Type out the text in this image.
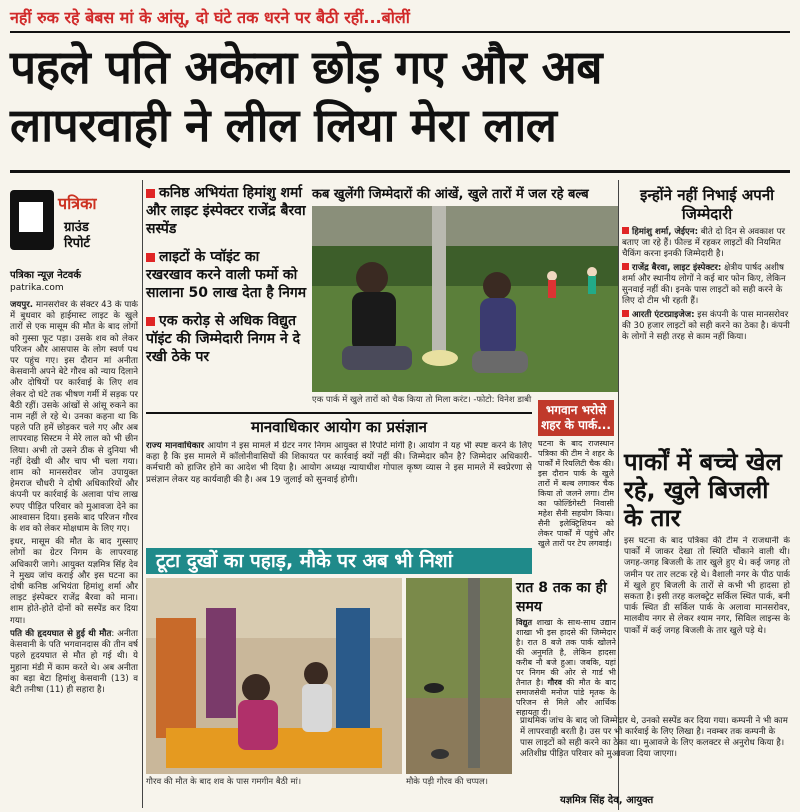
नहीं रुक रहे बेबस मां के आंसू, दो घंटे तक धरने पर बैठी रहीं...बोलीं
पहले पति अकेला छोड़ गए और अब
लापरवाही ने लील लिया मेरा लाल
पत्रिका
ग्राउंड
रिपोर्ट
पत्रिका न्यूज़ नेटवर्क
patrika.com

जयपुर. मानसरोवर के सेक्टर 43 के पार्क में बुधवार को हाईमास्ट लाइट के खुले तारों से एक मासूम की मौत के बाद लोगों को गुस्सा फूट पड़ा। उसके शव को लेकर परिजन और आसपास के लोग स्वर्ण पथ पर पहुंच गए। इस दौरान मां अनीता केसवानी अपने बेटे गौरव को न्याय दिलाने और दोषियों पर कार्रवाई के लिए शव लेकर दो घंटे तक भीषण गर्मी में सड़क पर बैठी रहीं। उसके आंखों से आंसू रुकने का नाम नहीं ले रहे थे। उनका कहना था कि पहले पति हमें छोड़कर चले गए और अब लापरवाह सिस्टम ने मेरे लाल को भी छीन लिया। अभी तो उसने ठीक से दुनिया भी नहीं देखी थी और चाप भी चला गया। शाम को मानसरोवर जोन उपायुक्त हेमराज चौधरी ने दोषी अधिकारियों और कंपनी पर कार्रवाई के अलावा पांच लाख रुपए पीड़ित परिवार को मुआवजा देने का आश्वासन दिया। इसके बाद परिजन गौरव के शव को लेकर मोक्षधाम के लिए गए।

इधर, मासूम की मौत के बाद गुस्साए लोगों का ग्रेटर निगम के लापरवाह अधिकारी जागे। आयुक्त यज्ञमित्र सिंह देव ने मुख्य जांच कराई और इस घटना का दोषी कनिष्ठ अभियंता हिमांशु शर्मा और लाइट इंस्पेक्टर राजेंद्र बैरवा को माना। शाम होते-होते दोनों को सस्पेंड कर दिया गया।

पति की हृदयघात से हुई थी मौत: अनीता केसवानी के पति भगवानदास की तीन वर्ष पहले हृदयघात से मौत हो गई थी। ये मुहाना मंडी में काम करते थे। अब अनीता का बड़ा बेटा हिमांशु केसवानी (13) व बेटी तनीषा (11) ही सहारा है।

कनिष्ठ अभियंता हिमांशु शर्मा और लाइट इंस्पेक्टर राजेंद्र बैरवा सस्पेंड
लाइटों के प्वॉइंट का रखरखाव करने वाली फर्मो को सालाना 50 लाख देता है निगम
एक करोड़ से अधिक विद्युत पॉइंट की जिम्मेदारी निगम ने दे रखी ठेके पर
कब खुलेंगी जिम्मेदारों की आंखें, खुले तारों में जल रहे बल्ब
एक पार्क में खुले तारों को चैक किया तो मिला करंट। -फोटो: विनेश डाबी
इन्होंने नहीं निभाई अपनी जिम्मेदारी
हिमांशु शर्मा, जेईएन: बीते दो दिन से अवकाश पर बताए जा रहे हैं। फील्ड में रहकर लाइटों की नियमित चैकिंग करना इनकी जिम्मेदारी है।
राजेंद्र बैरवा, लाइट इंस्पेक्टर: क्षेत्रीय पार्षद अशीष शर्मा और स्थानीय लोगों ने कई बार फोन किए, लेकिन सुनवाई नहीं की। इनके पास लाइटों को सही करने के लिए दो टीम भी रहती हैं।
आरती एंटरप्राइजेज: इस कंपनी के पास मानसरोवर की 30 हजार लाइटों को सही करने का ठेका है। कंपनी के लोगों ने सही तरह से काम नहीं किया।
पार्कों में बच्चे खेल रहे, खुले बिजली के तार
इस घटना के बाद पत्रिका की टीम ने राजधानी के पार्कों में जाकर देखा तो स्थिति चौंकाने वाली थी। जगह-जगह बिजली के तार खुले हुए थे। कई जगह तो जमीन पर तार लटक रहे थे। वैशाली नगर के पीठ पार्क में खुले हुए बिजली के तारों से कभी भी हादसा हो सकता है। इसी तरह कलक्ट्रेट सर्किल स्थित पार्क, बनी पार्क स्थित डी सर्किल पार्क के अलावा मानसरोवर, मालवीय नगर से लेकर श्याम नगर, सिविल लाइन्स के पार्कों में कई जगह बिजली के तार खुले पड़े थे।
मानवाधिकार आयोग का प्रसंज्ञान
राज्य मानवाधिकार आयोग ने इस मामले में ग्रेटर नगर निगम आयुक्त से रिपोर्ट मांगी है। आयोग ने यह भी स्पष्ट करने के लिए कहा है कि इस मामले में कॉलोनीवासियों की शिकायत पर कार्रवाई क्यों नहीं की। जिम्मेदार कौन है? जिम्मेदार अधिकारी-कर्मचारी को हाजिर होने का आदेश भी दिया है। आयोग अध्यक्ष न्यायाधीश गोपाल कृष्ण व्यास ने इस मामले में स्वप्रेरणा से प्रसंज्ञान लेकर यह कार्यवाही की है। अब 19 जुलाई को सुनवाई होगी।
भगवान भरोसे
शहर के पार्क...
घटना के बाद राजस्थान पत्रिका की टीम ने शहर के पार्कों में रियलिटी चैक की। इस दौरान पार्क के खुले तारों में बल्ब लगाकर चैक किया तो जलने लगा। टीम का फोल्डिंगेस्टी निवासी महेश सैनी सहयोग किया। सैनी इलेक्ट्रिशियन को लेकर पार्कों में पहुंचे और खुले तारों पर टेप लगवाई।
टूटा दुखों का पहाड़, मौके पर अब भी निशां
गौरव की मौत के बाद शव के पास गमगीन बैठी मां।	मौके पड़ी गौरव की चप्पल।
रात 8 तक का ही समय
विद्युत शाखा के साथ-साथ उद्यान शाखा भी इस हादसे की जिम्मेदार है। रात 8 बजे तक पार्क खोलने की अनुमति है, लेकिन हादसा करीब नौ बजे हुआ। जबकि, यहां पर निगम की ओर से गार्ड भी तैनात है। गौरव की मौत के बाद समाजसेवी मनोज पांडे मृतक के परिजन से मिले और आर्थिक सहायता दी।
प्राथमिक जांच के बाद जो जिम्मेदार थे, उनको सस्पेंड कर दिया गया। कम्पनी ने भी काम में लापरवाही बरती है। उस पर भी कार्रवाई के लिए लिखा है। नवम्बर तक कम्पनी के पास लाइटों को सही करने का ठेका था। मुआवजे के लिए कलक्टर से अनुरोध किया है। अतिशीघ्र पीड़ित परिवार को मुआवजा दिया जाएगा।
यज्ञमित्र सिंह देव, आयुक्त
